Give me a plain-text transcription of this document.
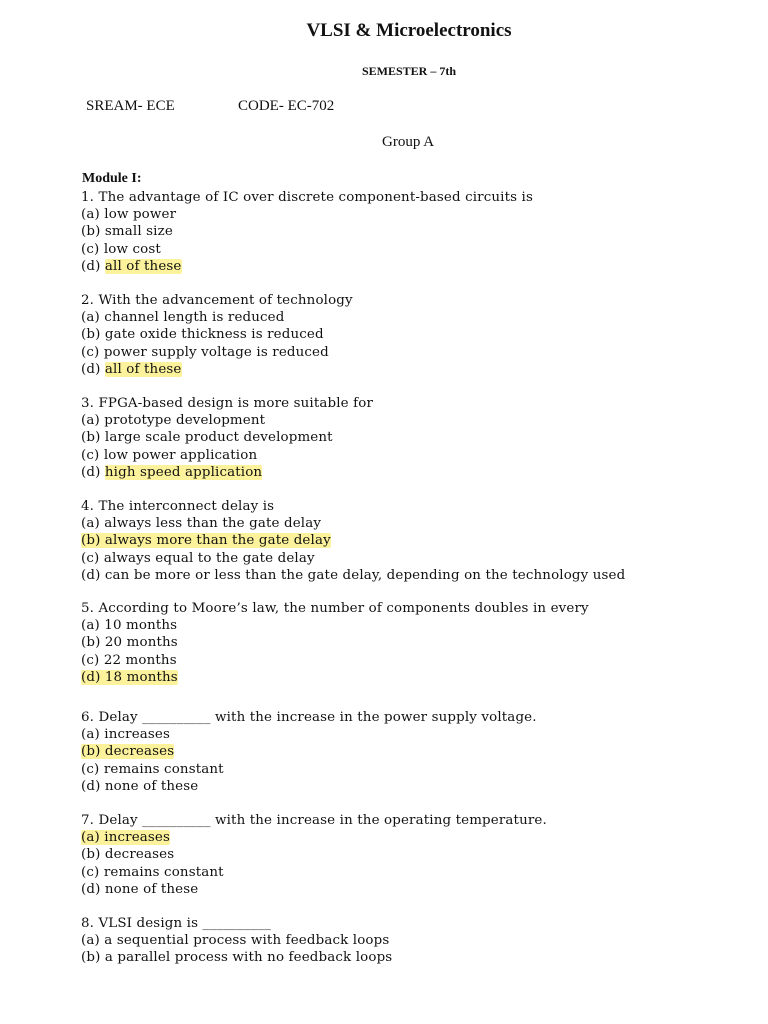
VLSI & Microelectronics
SEMESTER – 7th
SREAM- ECE	CODE- EC-702
Group A
Module I:
1. The advantage of IC over discrete component-based circuits is
(a) low power
(b) small size
(c) low cost
(d) all of these
2. With the advancement of technology
(a) channel length is reduced
(b) gate oxide thickness is reduced
(c) power supply voltage is reduced
(d) all of these
3. FPGA-based design is more suitable for
(a) prototype development
(b) large scale product development
(c) low power application
(d) high speed application
4. The interconnect delay is
(a) always less than the gate delay
(b) always more than the gate delay
(c) always equal to the gate delay
(d) can be more or less than the gate delay, depending on the technology used
5. According to Moore’s law, the number of components doubles in every
(a) 10 months
(b) 20 months
(c) 22 months
(d) 18 months
6. Delay __________ with the increase in the power supply voltage.
(a) increases
(b) decreases
(c) remains constant
(d) none of these
7. Delay __________ with the increase in the operating temperature.
(a) increases
(b) decreases
(c) remains constant
(d) none of these
8. VLSI design is __________
(a) a sequential process with feedback loops
(b) a parallel process with no feedback loops
